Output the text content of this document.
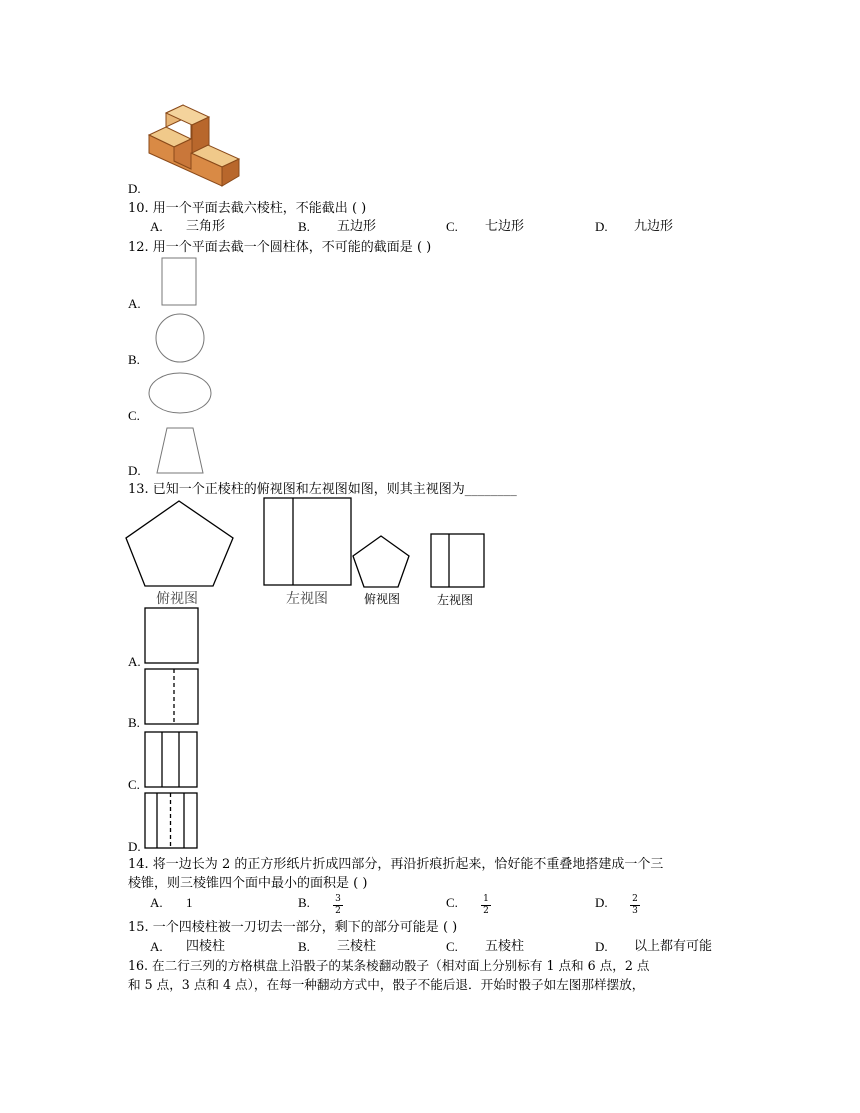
D.
10. 用一个平面去截六棱柱，不能截出 ( )
A. 三角形	B. 五边形	C. 七边形	D. 九边形
12. 用一个平面去截一个圆柱体，不可能的截面是 ( )
A.
B.
C.
D.
13. 已知一个正棱柱的俯视图和左视图如图，则其主视图为________
俯视图	左视图	俯视图	左视图
A.
B.
C.
D.
14. 将一边长为 2 的正方形纸片折成四部分，再沿折痕折起来，恰好能不重叠地搭建成一个三
棱锥，则三棱锥四个面中最小的面积是 ( )
A. 1	B.	3
2
C.	1
2
D.	2
3
15. 一个四棱柱被一刀切去一部分，剩下的部分可能是 ( )
A. 四棱柱	B. 三棱柱	C. 五棱柱	D. 以上都有可能
16. 在二行三列的方格棋盘上沿骰子的某条棱翻动骰子（相对面上分别标有 1 点和 6 点，2 点
和 5 点，3 点和 4 点），在每一种翻动方式中，骰子不能后退．开始时骰子如左图那样摆放，
